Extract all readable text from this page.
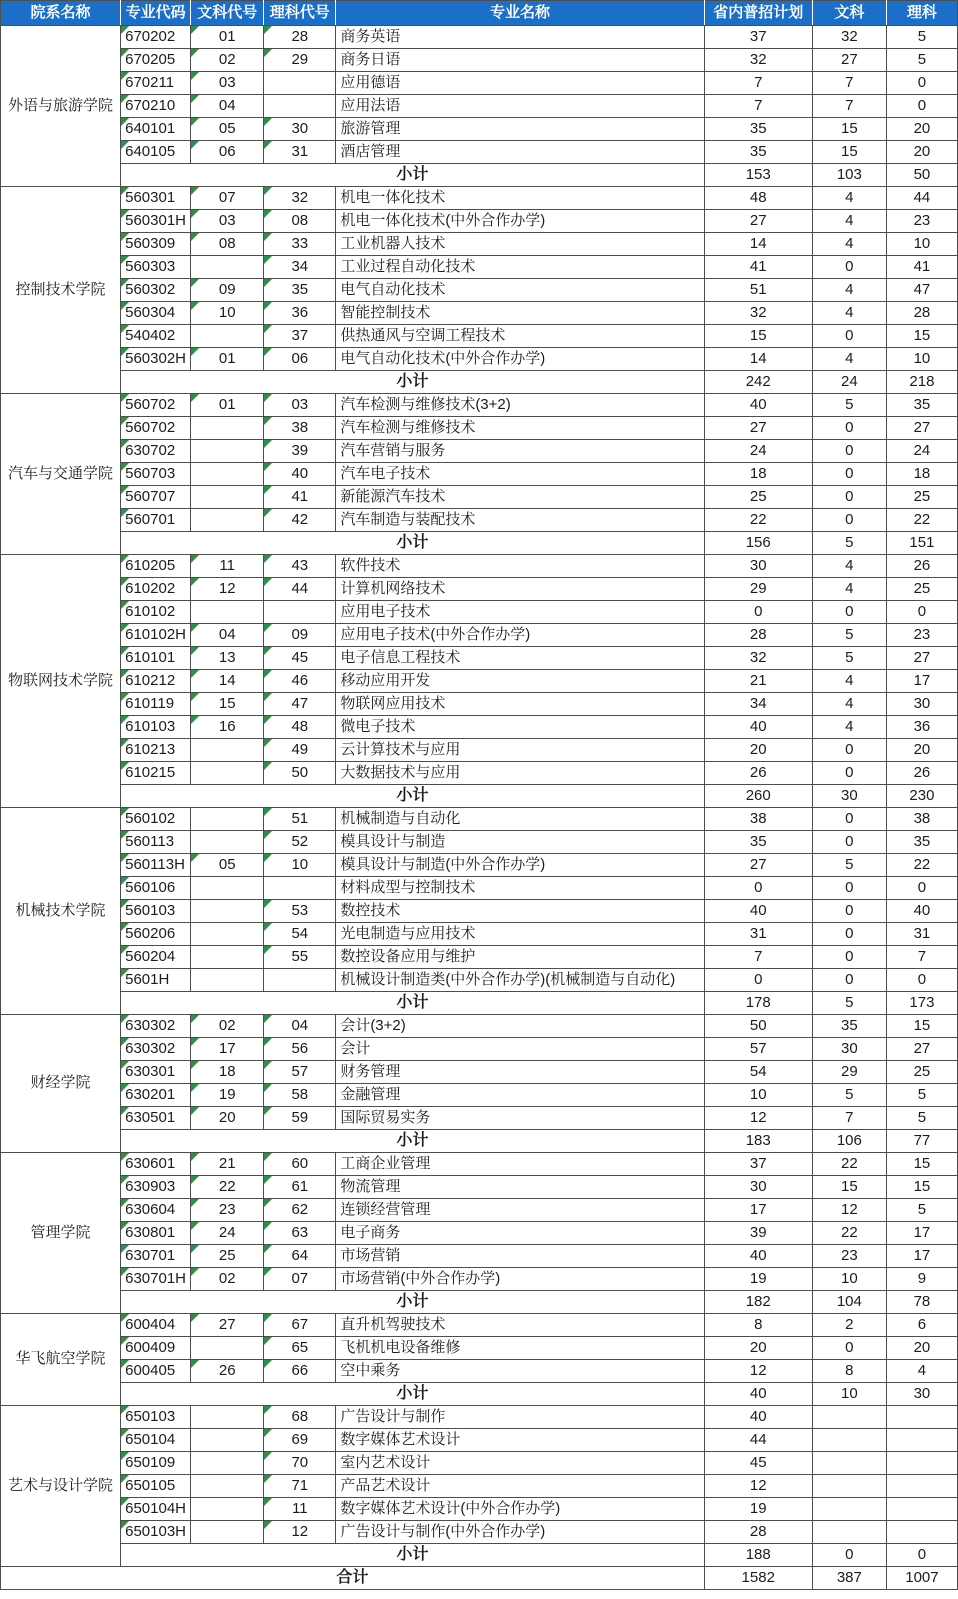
院系名称	专业代码	文科代号	理科代号	专业名称	省内普招计划	文科	理科
外语与旅游学院	670202	01	28	商务英语	37	32	5

670205	02	29	商务日语	32	27	5

670211	03		应用德语	7	7	0

670210	04		应用法语	7	7	0

640101	05	30	旅游管理	35	15	20

640105	06	31	酒店管理	35	15	20
	小计				153	103	50
控制技术学院	560301	07	32	机电一体化技术	48	4	44

560301H	03	08	机电一体化技术(中外合作办学)	27	4	23

560309	08	33	工业机器人技术	14	4	10

560303		34	工业过程自动化技术	41	0	41

560302	09	35	电气自动化技术	51	4	47

560304	10	36	智能控制技术	32	4	28

540402		37	供热通风与空调工程技术	15	0	15

560302H	01	06	电气自动化技术(中外合作办学)	14	4	10
	小计				242	24	218
汽车与交通学院	560702	01	03	汽车检测与维修技术(3+2)	40	5	35

560702		38	汽车检测与维修技术	27	0	27

630702		39	汽车营销与服务	24	0	24

560703		40	汽车电子技术	18	0	18

560707		41	新能源汽车技术	25	0	25

560701		42	汽车制造与装配技术	22	0	22
	小计				156	5	151
物联网技术学院	610205	11	43	软件技术	30	4	26

610202	12	44	计算机网络技术	29	4	25

610102			应用电子技术	0	0	0

610102H	04	09	应用电子技术(中外合作办学)	28	5	23

610101	13	45	电子信息工程技术	32	5	27

610212	14	46	移动应用开发	21	4	17

610119	15	47	物联网应用技术	34	4	30

610103	16	48	微电子技术	40	4	36

610213		49	云计算技术与应用	20	0	20

610215		50	大数据技术与应用	26	0	26
	小计				260	30	230
机械技术学院	560102		51	机械制造与自动化	38	0	38

560113		52	模具设计与制造	35	0	35

560113H	05	10	模具设计与制造(中外合作办学)	27	5	22

560106			材料成型与控制技术	0	0	0

560103		53	数控技术	40	0	40

560206		54	光电制造与应用技术	31	0	31

560204		55	数控设备应用与维护	7	0	7

5601H			机械设计制造类(中外合作办学)(机械制造与自动化)	0	0	0
	小计				178	5	173
财经学院	630302	02	04	会计(3+2)	50	35	15

630302	17	56	会计	57	30	27

630301	18	57	财务管理	54	29	25

630201	19	58	金融管理	10	5	5

630501	20	59	国际贸易实务	12	7	5
	小计				183	106	77
管理学院	630601	21	60	工商企业管理	37	22	15

630903	22	61	物流管理	30	15	15

630604	23	62	连锁经营管理	17	12	5

630801	24	63	电子商务	39	22	17

630701	25	64	市场营销	40	23	17

630701H	02	07	市场营销(中外合作办学)	19	10	9
	小计				182	104	78
华飞航空学院	600404	27	67	直升机驾驶技术	8	2	6

600409		65	飞机机电设备维修	20	0	20

600405	26	66	空中乘务	12	8	4
	小计				40	10	30
艺术与设计学院	650103		68	广告设计与制作	40		

650104		69	数字媒体艺术设计	44		

650109		70	室内艺术设计	45		

650105		71	产品艺术设计	12		

650104H		11	数字媒体艺术设计(中外合作办学)	19		

650103H		12	广告设计与制作(中外合作办学)	28		
	小计				188	0	0
合计					1582	387	1007
